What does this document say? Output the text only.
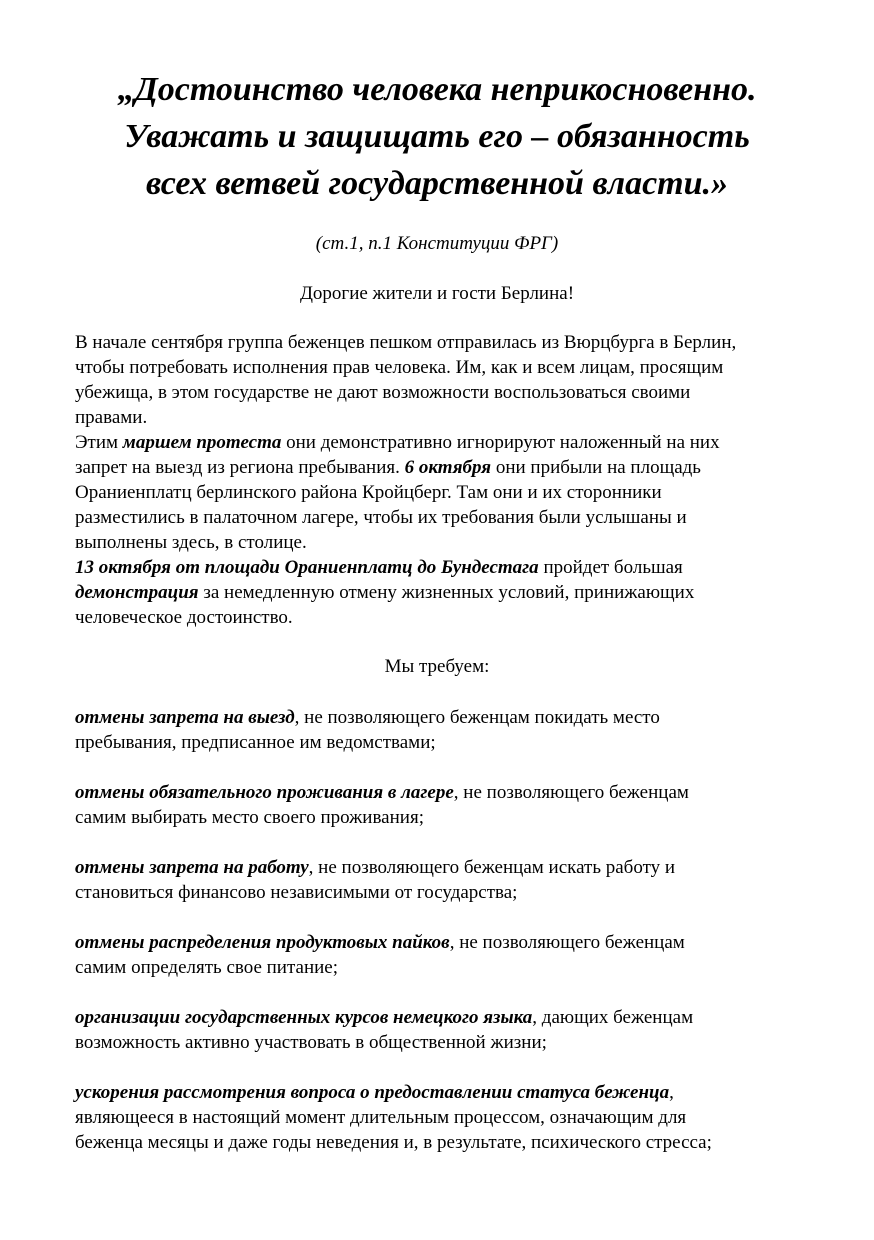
„Достоинство человека неприкосновенно.
Уважать и защищать его – обязанность
всех ветвей государственной власти.»

(ст.1, п.1 Конституции ФРГ)

Дорогие жители и гости Берлина!

В начале сентября группа беженцев пешком отправилась из Вюрцбурга в Берлин,
чтобы потребовать исполнения прав человека. Им, как и всем лицам, просящим
убежища, в этом государстве не дают возможности воспользоваться своими
правами.
Этим маршем протеста они демонстративно игнорируют наложенный на них
запрет на выезд из региона пребывания. 6 октября они прибыли на площадь
Ораниенплатц берлинского района Кройцберг. Там они и их сторонники
разместились в палаточном лагере, чтобы их требования были услышаны и
выполнены здесь, в столице.
13 октября от площади Ораниенплатц до Бундестага пройдет большая
демонстрация за немедленную отмену жизненных условий, принижающих
человеческое достоинство.

Мы требуем:

отмены запрета на выезд, не позволяющего беженцам покидать место
пребывания, предписанное им ведомствами;
отмены обязательного проживания в лагере, не позволяющего беженцам
самим выбирать место своего проживания;
отмены запрета на работу, не позволяющего беженцам искать работу и
становиться финансово независимыми от государства;
отмены распределения продуктовых пайков, не позволяющего беженцам
самим определять свое питание;
организации государственных курсов немецкого языка, дающих беженцам
возможность активно участвовать в общественной жизни;
ускорения рассмотрения вопроса о предоставлении статуса беженца,
являющееся в настоящий момент длительным процессом, означающим для
беженца месяцы и даже годы неведения и, в результате, психического стресса;
